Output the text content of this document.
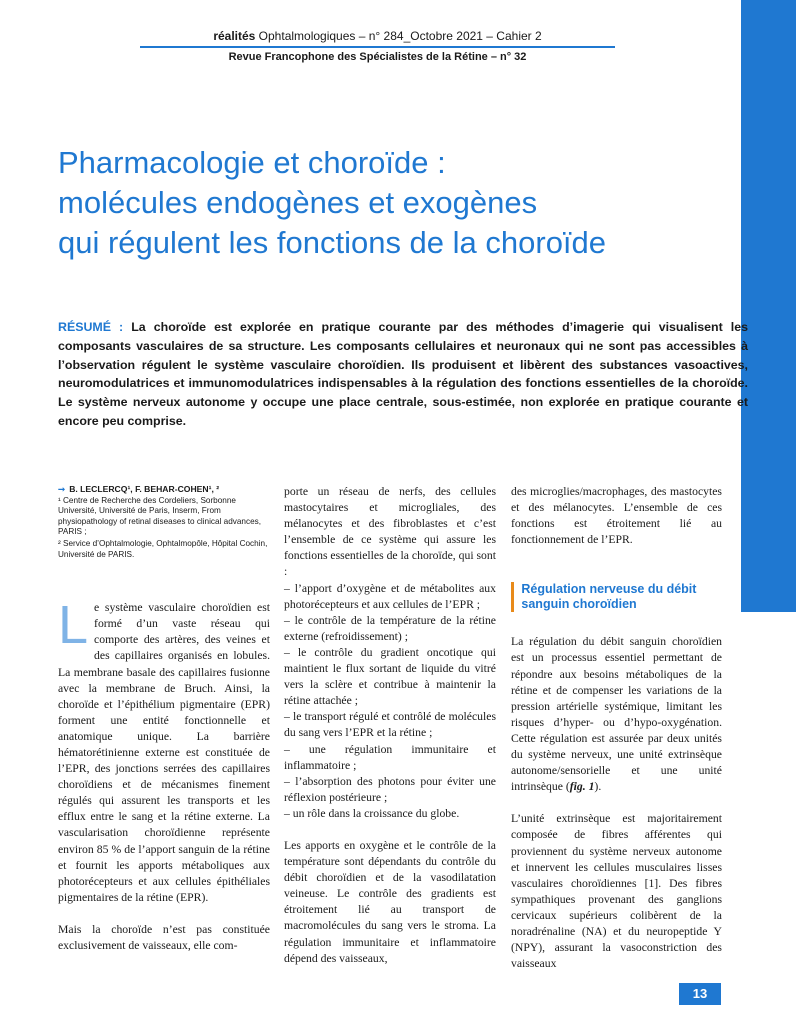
réalités Ophtalmologiques – n° 284_Octobre 2021 – Cahier 2
Revue Francophone des Spécialistes de la Rétine – n° 32
Pharmacologie et choroïde :
molécules endogènes et exogènes
qui régulent les fonctions de la choroïde
RÉSUMÉ : La choroïde est explorée en pratique courante par des méthodes d’imagerie qui visualisent les composants vasculaires de sa structure. Les composants cellulaires et neuronaux qui ne sont pas accessibles à l’observation régulent le système vasculaire choroïdien. Ils produisent et libèrent des substances vasoactives, neuromodulatrices et immunomodulatrices indispensables à la régulation des fonctions essentielles de la choroïde. Le système nerveux autonome y occupe une place centrale, sous-estimée, non explorée en pratique courante et encore peu comprise.
➞ B. LECLERCQ¹, F. BEHAR-COHEN¹, ²
¹ Centre de Recherche des Cordeliers, Sorbonne Université, Université de Paris, Inserm, From physiopathology of retinal diseases to clinical advances, PARIS ;
² Service d’Ophtalmologie, Ophtalmopôle, Hôpital Cochin, Université de PARIS.

Le système vasculaire choroïdien est formé d’un vaste réseau qui comporte des artères, des veines et des capillaires organisés en lobules. La membrane basale des capillaires fusionne avec la membrane de Bruch. Ainsi, la choroïde et l’épithélium pigmentaire (EPR) forment une entité fonctionnelle et anatomique unique. La barrière hématorétinienne externe est constituée de l’EPR, des jonctions serrées des capillaires choroïdiens et de mécanismes finement régulés qui assurent les transports et les efflux entre le sang et la rétine externe. La vascularisation choroïdienne représente environ 85 % de l’apport sanguin de la rétine et fournit les apports métaboliques aux photorécepteurs et aux cellules épithéliales pigmentaires de la rétine (EPR).

Mais la choroïde n’est pas constituée exclusivement de vaisseaux, elle com-

porte un réseau de nerfs, des cellules mastocytaires et microgliales, des mélanocytes et des fibroblastes et c’est l’ensemble de ce système qui assure les fonctions essentielles de la choroïde, qui sont :

– l’apport d’oxygène et de métabolites aux photorécepteurs et aux cellules de l’EPR ;
– le contrôle de la température de la rétine externe (refroidissement) ;
– le contrôle du gradient oncotique qui maintient le flux sortant de liquide du vitré vers la sclère et contribue à maintenir la rétine attachée ;
– le transport régulé et contrôlé de molécules du sang vers l’EPR et la rétine ;
– une régulation immunitaire et inflammatoire ;
– l’absorption des photons pour éviter une réflexion postérieure ;
– un rôle dans la croissance du globe.

Les apports en oxygène et le contrôle de la température sont dépendants du contrôle du débit choroïdien et de la vasodilatation veineuse. Le contrôle des gradients est étroitement lié au transport de macromolécules du sang vers le stroma. La régulation immunitaire et inflammatoire dépend des vaisseaux,

des microglies/macrophages, des mastocytes et des mélanocytes. L’ensemble de ces fonctions est étroitement lié au fonctionnement de l’EPR.

Régulation nerveuse du débit sanguin choroïdien

La régulation du débit sanguin choroïdien est un processus essentiel permettant de répondre aux besoins métaboliques de la rétine et de compenser les variations de la pression artérielle systémique, limitant les risques d’hyper- ou d’hypo-oxygénation. Cette régulation est assurée par deux unités du système nerveux, une unité extrinsèque autonome/sensorielle et une unité intrinsèque (fig. 1).

L’unité extrinsèque est majoritairement composée de fibres afférentes qui proviennent du système nerveux autonome et innervent les cellules musculaires lisses vasculaires choroïdiennes [1]. Des fibres sympathiques provenant des ganglions cervicaux supérieurs colibèrent de la noradrénaline (NA) et du neuropeptide Y (NPY), assurant la vasoconstriction des vaisseaux

13
